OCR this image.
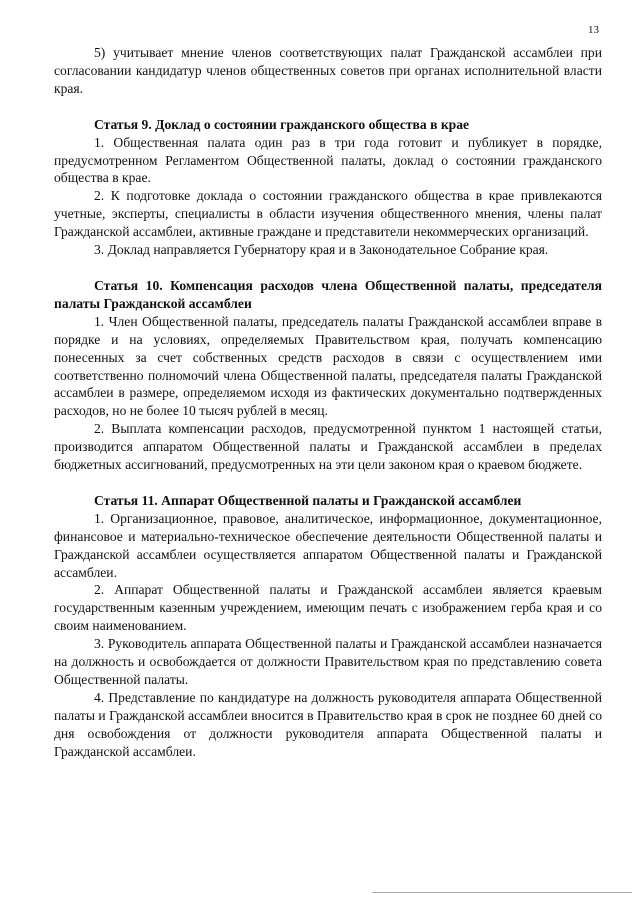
13

5) учитывает мнение членов соответствующих палат Гражданской ассамблеи при согласовании кандидатур членов общественных советов при органах исполнительной власти края.

Статья 9. Доклад о состоянии гражданского общества в крае

1. Общественная палата один раз в три года готовит и публикует в порядке, предусмотренном Регламентом Общественной палаты, доклад о состоянии гражданского общества в крае.

2. К подготовке доклада о состоянии гражданского общества в крае привлекаются учетные, эксперты, специалисты в области изучения общественного мнения, члены палат Гражданской ассамблеи, активные граждане и представители некоммерческих организаций.

3. Доклад направляется Губернатору края и в Законодательное Собрание края.

Статья 10. Компенсация расходов члена Общественной палаты, председателя палаты Гражданской ассамблеи

1. Член Общественной палаты, председатель палаты Гражданской ассамблеи вправе в порядке и на условиях, определяемых Правительством края, получать компенсацию понесенных за счет собственных средств расходов в связи с осуществлением ими соответственно полномочий члена Общественной палаты, председателя палаты Гражданской ассамблеи в размере, определяемом исходя из фактических документально подтвержденных расходов, но не более 10 тысяч рублей в месяц.

2. Выплата компенсации расходов, предусмотренной пунктом 1 настоящей статьи, производится аппаратом Общественной палаты и Гражданской ассамблеи в пределах бюджетных ассигнований, предусмотренных на эти цели законом края о краевом бюджете.

Статья 11. Аппарат Общественной палаты и Гражданской ассамблеи

1. Организационное, правовое, аналитическое, информационное, документационное, финансовое и материально-техническое обеспечение деятельности Общественной палаты и Гражданской ассамблеи осуществляется аппаратом Общественной палаты и Гражданской ассамблеи.

2. Аппарат Общественной палаты и Гражданской ассамблеи является краевым государственным казенным учреждением, имеющим печать с изображением герба края и со своим наименованием.

3. Руководитель аппарата Общественной палаты и Гражданской ассамблеи назначается на должность и освобождается от должности Правительством края по представлению совета Общественной палаты.

4. Представление по кандидатуре на должность руководителя аппарата Общественной палаты и Гражданской ассамблеи вносится в Правительство края в срок не позднее 60 дней со дня освобождения от должности руководителя аппарата Общественной палаты и Гражданской ассамблеи.
